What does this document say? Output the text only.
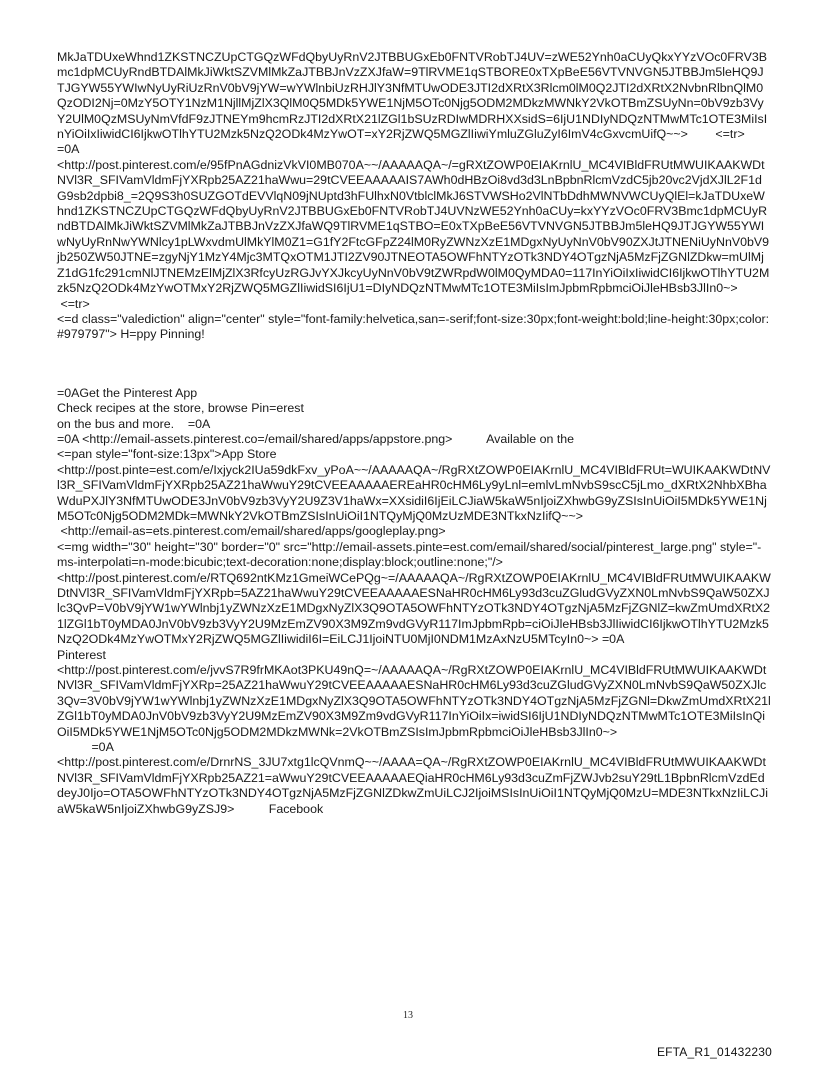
MkJaTDUxeWhnd1ZKSTNCZUpCTGQzWFdQbyUyRnV2JTBBUGxEb0FNTVRobTJ4UV=zWE52Ynh0aCUyQkxYYzVOc0FRV3Bmc1dpMCUyRndBTDAlMkJiWktSZVMlMkZaJTBBJnVzZXJfaW=9TlRVME1qSTBORE0xTXpBeE56VTVNVGN5JTBBJm5leHQ9JTJGYW55YWIwNyUyRiUzRnV0bV9jYW=wYWlnbiUzRHJlY3NfMTUwODE3JTI2dXRtX3Rlcm0lM0Q2JTI2dXRtX2NvbnRlbnQlM0QzODI2Nj=0MzY5OTY1NzM1NjllMjZlX3QlM0Q5MDk5YWE1NjM5OTc0Njg5ODM2MDkzMWNkY2VkOTBmZSUyNn=0bV9zb3VyY2UlM0QzMSUyNmVfdF9zJTNEYm9hcmRzJTI2dXRtX21lZGl1bSUzRDIwMDRHXXsidS=6IjU1NDIyNDQzNTMwMTc1OTE3MiIsInYiOiIxIiwidCI6IjkwOTlhYTU2Mzk5NzQ2ODk4MzYwOT=xY2RjZWQ5MGZlIiwiYmluZGluZyI6ImV4cGxvcmUifQ~~>        <=tr>

=0A

<http://post.pinterest.com/e/95fPnAGdnizVkVI0MB070A~~/AAAAAQA~/=gRXtZOWP0EIAKrnlU_MC4VIBldFRUtMWUIKAAKWDtNVl3R_SFIVamVldmFjYXRpb25AZ21haWwu=29tCVEEAAAAAIS7AWh0dHBzOi8vd3d3LnBpbnRlcmVzdC5jb20vc2VjdXJlL2F1dG9sb2dpbi8_=2Q9S3h0SUZGOTdEVVlqN09jNUptd3hFUlhxN0VtblclMkJ6STVWSHo2VlNTbDdhMWNVWCUyQlEl=kJaTDUxeWhnd1ZKSTNCZUpCTGQzWFdQbyUyRnV2JTBBUGxEb0FNTVRobTJ4UVNzWE52Ynh0aCUy=kxYYzVOc0FRV3Bmc1dpMCUyRndBTDAlMkJiWktSZVMlMkZaJTBBJnVzZXJfaWQ9TlRVME1qSTBO=E0xTXpBeE56VTVNVGN5JTBBJm5leHQ9JTJGYW55YWIwNyUyRnNwYWNlcy1pLWxvdmUlMkYlM0Z1=G1fY2FtcGFpZ24lM0RyZWNzXzE1MDgxNyUyNnV0bV90ZXJtJTNENiUyNnV0bV9jb250ZW50JTNE=zgyNjY1MzY4Mjc3MTQxOTM1JTI2ZV90JTNEOTA5OWFhNTYzOTk3NDY4OTgzNjA5MzFjZGNlZDkw=mUlMjZ1dG1fc291cmNlJTNEMzElMjZlX3RfcyUzRGJvYXJkcyUyNnV0bV9tZWRpdW0lM0QyMDA0=117InYiOiIxIiwidCI6IjkwOTlhYTU2Mzk5NzQ2ODk4MzYwOTMxY2RjZWQ5MGZlIiwidSI6IjU1=DIyNDQzNTMwMTc1OTE3MiIsImJpbmRpbmciOiJleHBsb3JlIn0~>

<=tr>

<=d class="valediction" align="center" style="font-family:helvetica,san=-serif;font-size:30px;font-weight:bold;line-height:30px;color:#979797"> H=ppy Pinning!

=0AGet the Pinterest App

Check recipes at the store, browse Pin=erest

on the bus and more.    =0A

=0A <http://email-assets.pinterest.co=/email/shared/apps/appstore.png>          Available on the

<=pan style="font-size:13px">App Store

<http://post.pinte=est.com/e/Ixjyck2IUa59dkFxv_yPoA~~/AAAAAQA~/RgRXtZOWP0EIAKrnlU_MC4VIBldFRUt=WUIKAAKWDtNVl3R_SFIVamVldmFjYXRpb25AZ21haWwuY29tCVEEAAAAAEREaHR0cHM6Ly9yLnl=emlvLmNvbS9scC5jLmo_dXRtX2NhbXBhaWduPXJlY3NfMTUwODE3JnV0bV9zb3VyY2U9Z3V1haWx=XXsidiI6IjEiLCJiaW5kaW5nIjoiZXhwbG9yZSIsInUiOiI5MDk5YWE1NjM5OTc0Njg5ODM2MDk=MWNkY2VkOTBmZSIsInUiOiI1NTQyMjQ0MzUzMDE3NTkxNzIifQ~~>

<http://email-as=ets.pinterest.com/email/shared/apps/googleplay.png>

<=mg width="30" height="30" border="0" src="http://email-assets.pinte=est.com/email/shared/social/pinterest_large.png" style="-ms-interpolati=n-mode:bicubic;text-decoration:none;display:block;outline:none;"/>

<http://post.pinterest.com/e/RTQ692ntKMz1GmeiWCePQg~=/AAAAAQA~/RgRXtZOWP0EIAKrnlU_MC4VIBldFRUtMWUIKAAKWDtNVl3R_SFIVamVldmFjYXRpb=5AZ21haWwuY29tCVEEAAAAAESNaHR0cHM6Ly93d3cuZGludGVyZXN0LmNvbS9QaW50ZXJlc3QvP=V0bV9jYW1wYWlnbj1yZWNzXzE1MDgxNyZlX3Q9OTA5OWFhNTYzOTk3NDY4OTgzNjA5MzFjZGNlZ=kwZmUmdXRtX21lZGl1bT0yMDA0JnV0bV9zb3VyY2U9MzEmZV90X3M9Zm9vdGVyR117ImJpbmRpb=ciOiJleHBsb3JlIiwidCI6IjkwOTlhYTU2Mzk5NzQ2ODk4MzYwOTMxY2RjZWQ5MGZlIiwidiI6I=EiLCJ1IjoiNTU0MjI0NDM1MzAxNzU5MTcyIn0~> =0A

Pinterest

<http://post.pinterest.com/e/jvvS7R9frMKAot3PKU49nQ=~/AAAAAQA~/RgRXtZOWP0EIAKrnlU_MC4VIBldFRUtMWUIKAAKWDtNVl3R_SFIVamVldmFjYXRp=25AZ21haWwuY29tCVEEAAAAAESNaHR0cHM6Ly93d3cuZGludGVyZXN0LmNvbS9QaW50ZXJlc3Qv=3V0bV9jYW1wYWlnbj1yZWNzXzE1MDgxNyZlX3Q9OTA5OWFhNTYzOTk3NDY4OTgzNjA5MzFjZGNl=DkwZmUmdXRtX21lZGl1bT0yMDA0JnV0bV9zb3VyY2U9MzEmZV90X3M9Zm9vdGVyR117InYiOiIx=iwidSI6IjU1NDIyNDQzNTMwMTc1OTE3MiIsInQiOiI5MDk5YWE1NjM5OTc0Njg5ODM2MDkzMWNk=2VkOTBmZSIsImJpbmRpbmciOiJleHBsb3JlIn0~>

=0A

<http://post.pinterest.com/e/DrnrNS_3JU7xtg1lcQVnmQ~~/AAAA=QA~/RgRXtZOWP0EIAKrnlU_MC4VIBldFRUtMWUIKAAKWDtNVl3R_SFIVamVldmFjYXRpb25AZ21=aWwuY29tCVEEAAAAAEQiaHR0cHM6Ly93d3cuZmFjZWJvb2suY29tL1BpbnRlcmVzdEddeyJ0Ijo=OTA5OWFhNTYzOTk3NDY4OTgzNjA5MzFjZGNlZDkwZmUiLCJ2IjoiMSIsInUiOiI1NTQyMjQ0MzU=MDE3NTkxNzIiLCJiaW5kaW5nIjoiZXhwbG9yZSJ9>          Facebook

13
EFTA_R1_01432230
